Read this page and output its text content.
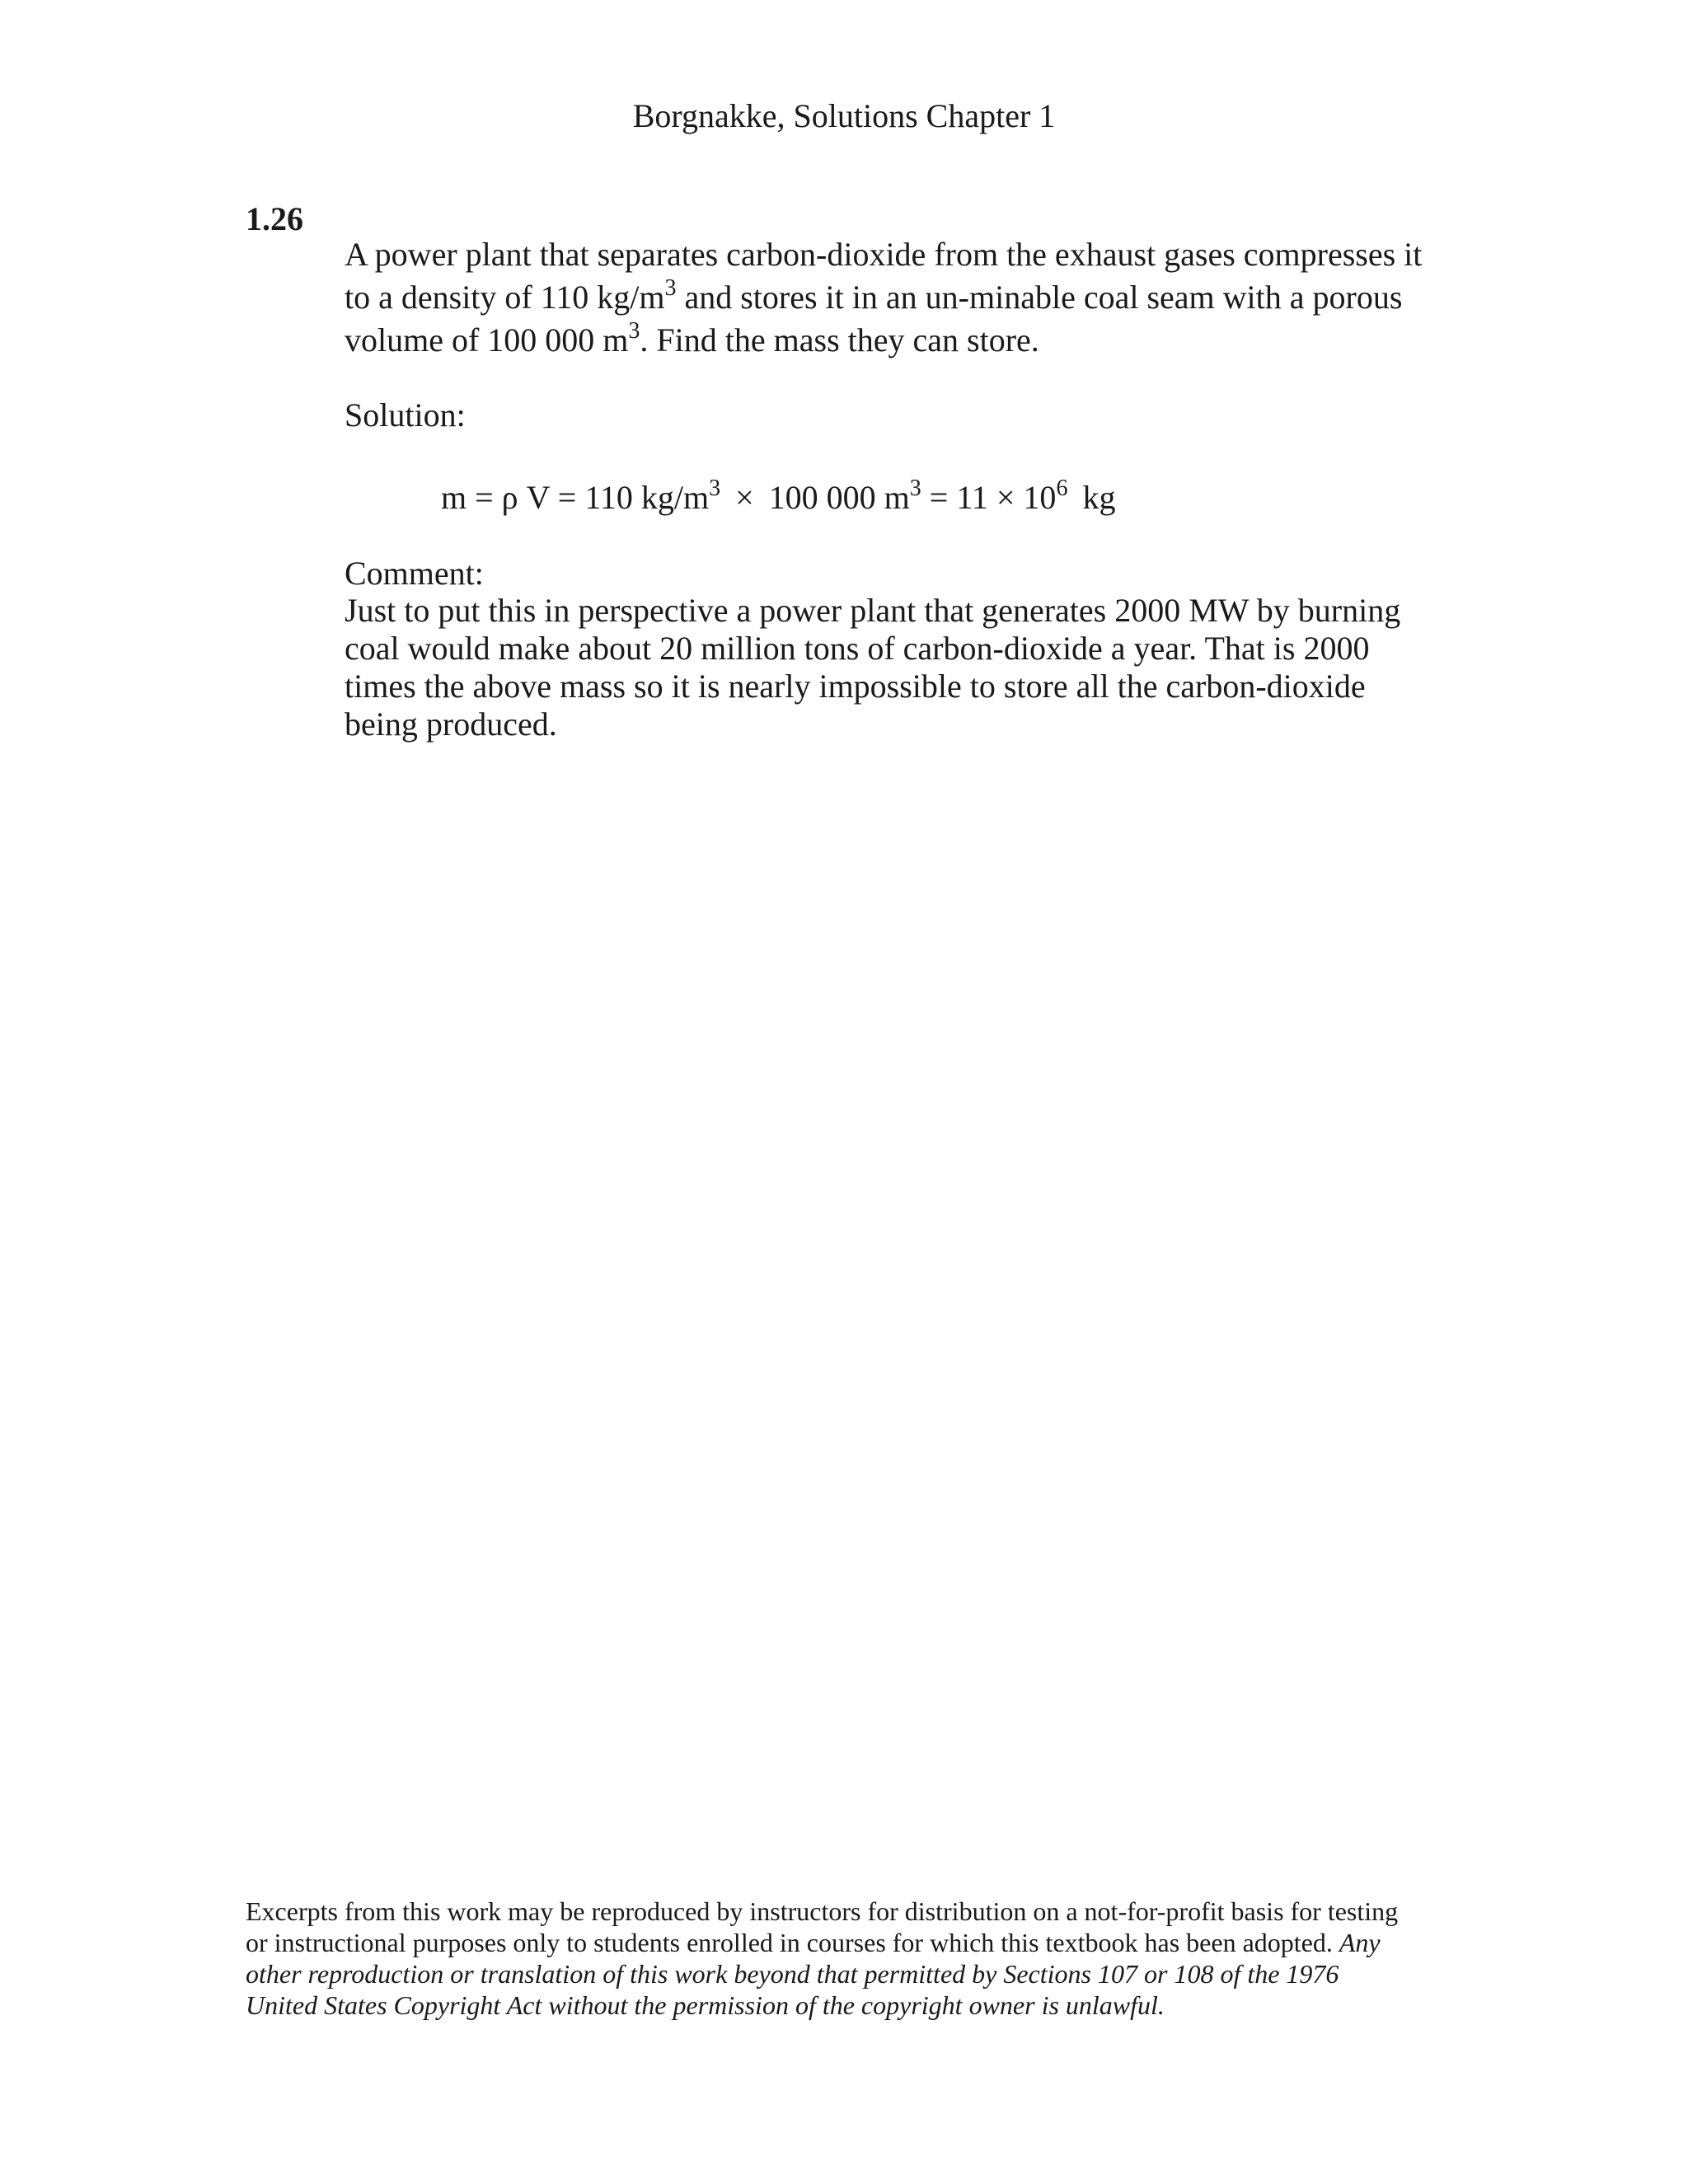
Borgnakke, Solutions Chapter 1
1.26

A power plant that separates carbon-dioxide from the exhaust gases compresses it to a density of 110 $kg/m^3$ and stores it in an un-minable coal seam with a porous volume of 100 000 $m^3$. Find the mass they can store.

Solution:
m = ρ V = 110 $kg/m^3 \times 100$ 000 $m^3 = 11 \times 10^6$ kg
Comment:

Just to put this in perspective a power plant that generates 2000 MW by burning coal would make about 20 million tons of carbon-dioxide a year. That is 2000 times the above mass so it is nearly impossible to store all the carbon-dioxide being produced.

Excerpts from this work may be reproduced by instructors for distribution on a not-for-profit basis for testing or instructional purposes only to students enrolled in courses for which this textbook has been adopted. Any other reproduction or translation of this work beyond that permitted by Sections 107 or 108 of the 1976 United States Copyright Act without the permission of the copyright owner is unlawful.
